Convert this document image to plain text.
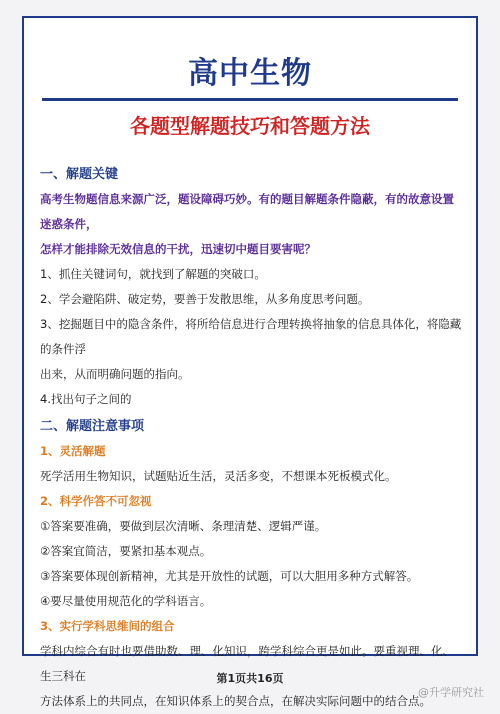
高中生物
各题型解题技巧和答题方法
一、解题关键
高考生物题信息来源广泛，题设障碍巧妙。有的题目解题条件隐蔽，有的故意设置迷惑条件，
怎样才能排除无效信息的干扰，迅速切中题目要害呢？
1、抓住关键词句，就找到了解题的突破口。
2、学会避陷阱、破定势，要善于发散思维，从多角度思考问题。
3、挖掘题目中的隐含条件，将所给信息进行合理转换将抽象的信息具体化，将隐藏的条件浮
出来，从而明确问题的指向。
4.找出句子之间的
二、解题注意事项
1、灵活解题
死学活用生物知识，试题贴近生活，灵活多变，不想课本死板模式化。
2、科学作答不可忽视
①答案要准确，要做到层次清晰、条理清楚、逻辑严谨。
②答案宜简洁，要紧扣基本观点。
③答案要体现创新精神，尤其是开放性的试题，可以大胆用多种方式解答。
④要尽量使用规范化的学科语言。
3、实行学科思维间的组合
学科内综合有时也要借助数、理、化知识，跨学科综合更是如此。要重视理、化、生三科在
方法体系上的共同点，在知识体系上的契合点，在解决实际问题中的结合点。
第1页共16页
@升学研究社
